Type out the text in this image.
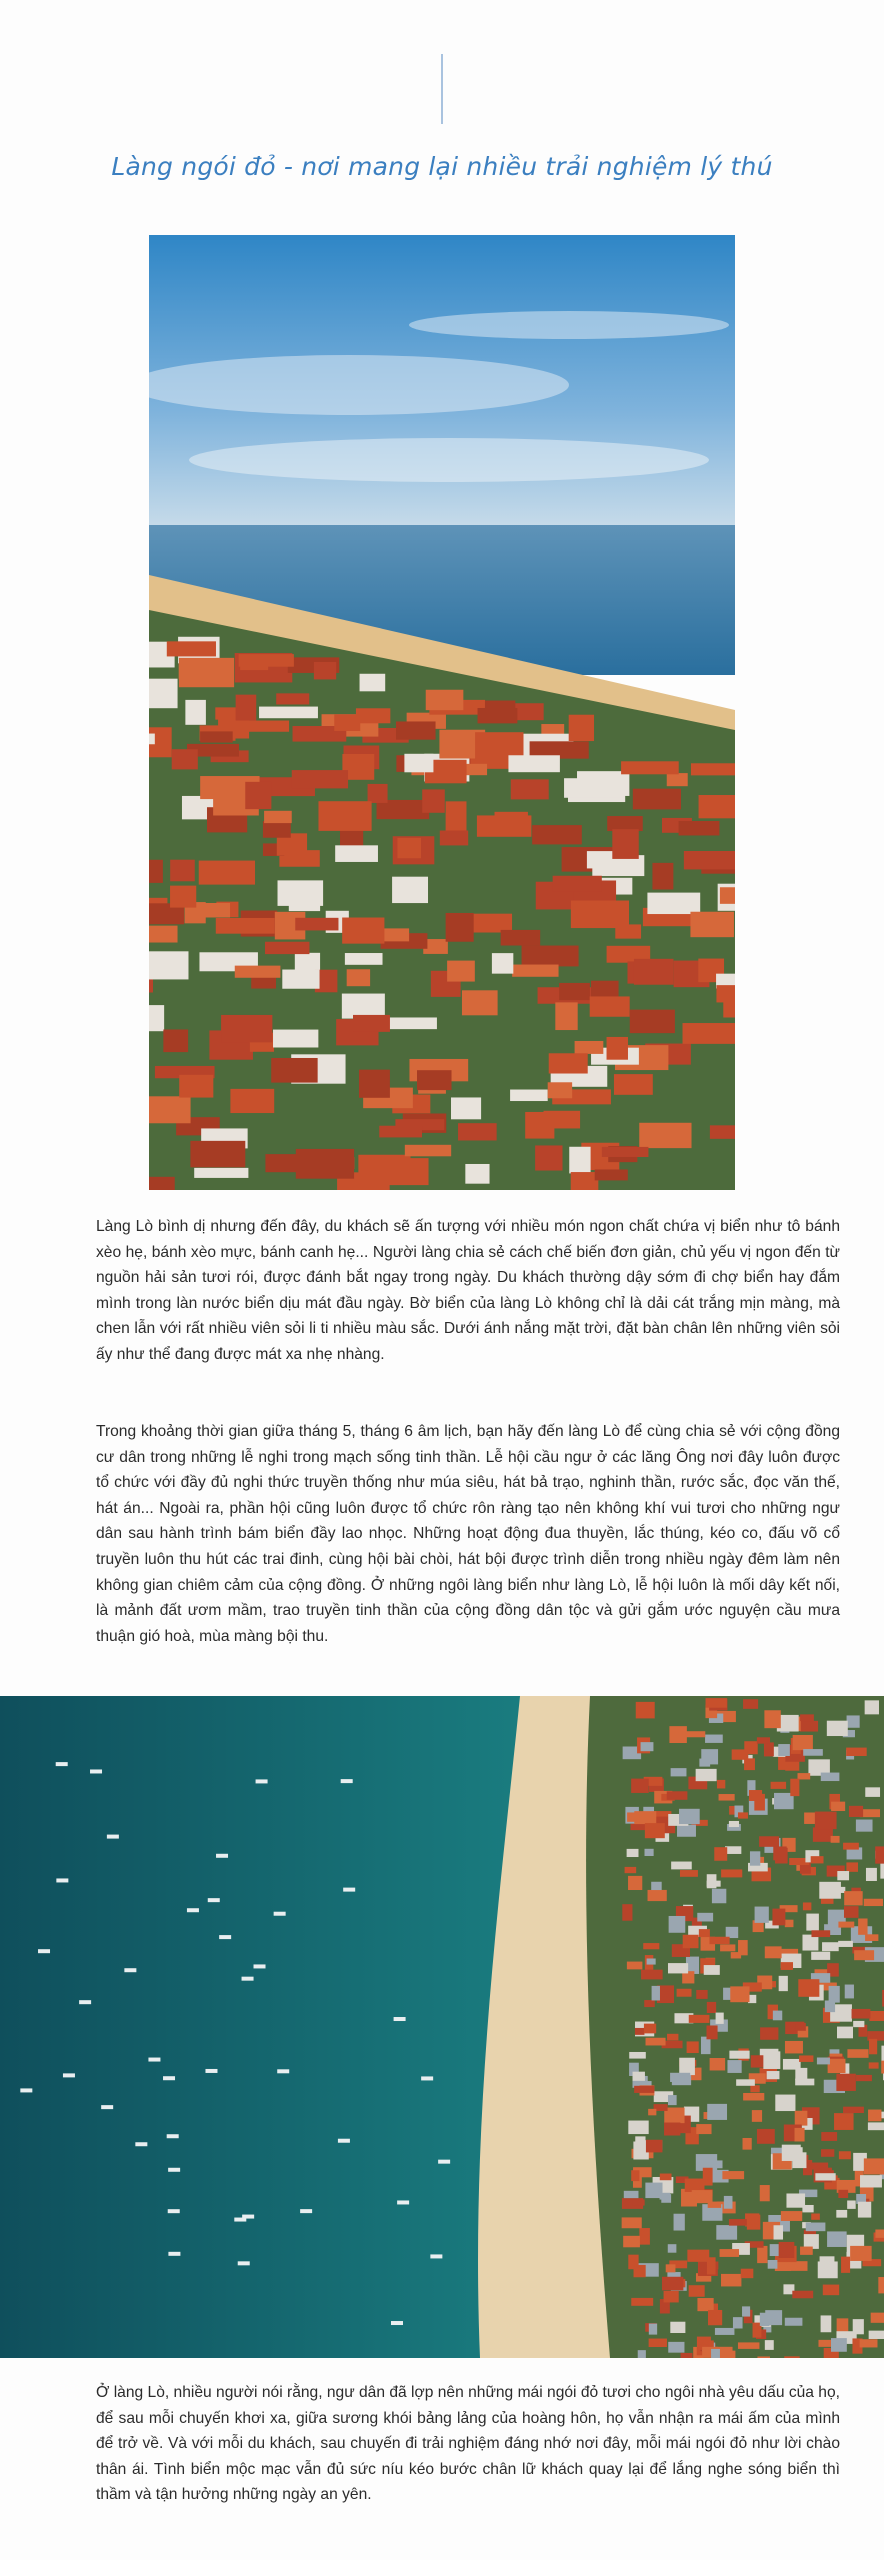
Làng ngói đỏ - nơi mang lại nhiều trải nghiệm lý thú

Làng Lò bình dị nhưng đến đây, du khách sẽ ấn tượng với nhiều món ngon chất chứa vị biển như tô bánh xèo hẹ, bánh xèo mực, bánh canh hẹ... Người làng chia sẻ cách chế biến đơn giản, chủ yếu vị ngon đến từ nguồn hải sản tươi rói, được đánh bắt ngay trong ngày. Du khách thường dậy sớm đi chợ biển hay đắm mình trong làn nước biển dịu mát đầu ngày. Bờ biển của làng Lò không chỉ là dải cát trắng mịn màng, mà chen lẫn với rất nhiều viên sỏi li ti nhiều màu sắc. Dưới ánh nắng mặt trời, đặt bàn chân lên những viên sỏi ấy như thể đang được mát xa nhẹ nhàng.

Trong khoảng thời gian giữa tháng 5, tháng 6 âm lịch, bạn hãy đến làng Lò để cùng chia sẻ với cộng đồng cư dân trong những lễ nghi trong mạch sống tinh thần. Lễ hội cầu ngư ở các lăng Ông nơi đây luôn được tổ chức với đầy đủ nghi thức truyền thống như múa siêu, hát bả trạo, nghinh thần, rước sắc, đọc văn thế, hát án... Ngoài ra, phần hội cũng luôn được tổ chức rôn ràng tạo nên không khí vui tươi cho những ngư dân sau hành trình bám biển đầy lao nhọc. Những hoạt động đua thuyền, lắc thúng, kéo co, đấu võ cổ truyền luôn thu hút các trai đinh, cùng hội bài chòi, hát bội được trình diễn trong nhiều ngày đêm làm nên không gian chiêm cảm của cộng đồng. Ở những ngôi làng biển như làng Lò, lễ hội luôn là mối dây kết nối, là mảnh đất ươm mầm, trao truyền tinh thần của cộng đồng dân tộc và gửi gắm ước nguyện cầu mưa thuận gió hoà, mùa màng bội thu.

Ở làng Lò, nhiều người nói rằng, ngư dân đã lợp nên những mái ngói đỏ tươi cho ngôi nhà yêu dấu của họ, để sau mỗi chuyến khơi xa, giữa sương khói bảng lảng của hoàng hôn, họ vẫn nhận ra mái ấm của mình để trở về. Và với mỗi du khách, sau chuyến đi trải nghiệm đáng nhớ nơi đây, mỗi mái ngói đỏ như lời chào thân ái. Tình biển mộc mạc vẫn đủ sức níu kéo bước chân lữ khách quay lại để lắng nghe sóng biển thì thầm và tận hưởng những ngày an yên.
